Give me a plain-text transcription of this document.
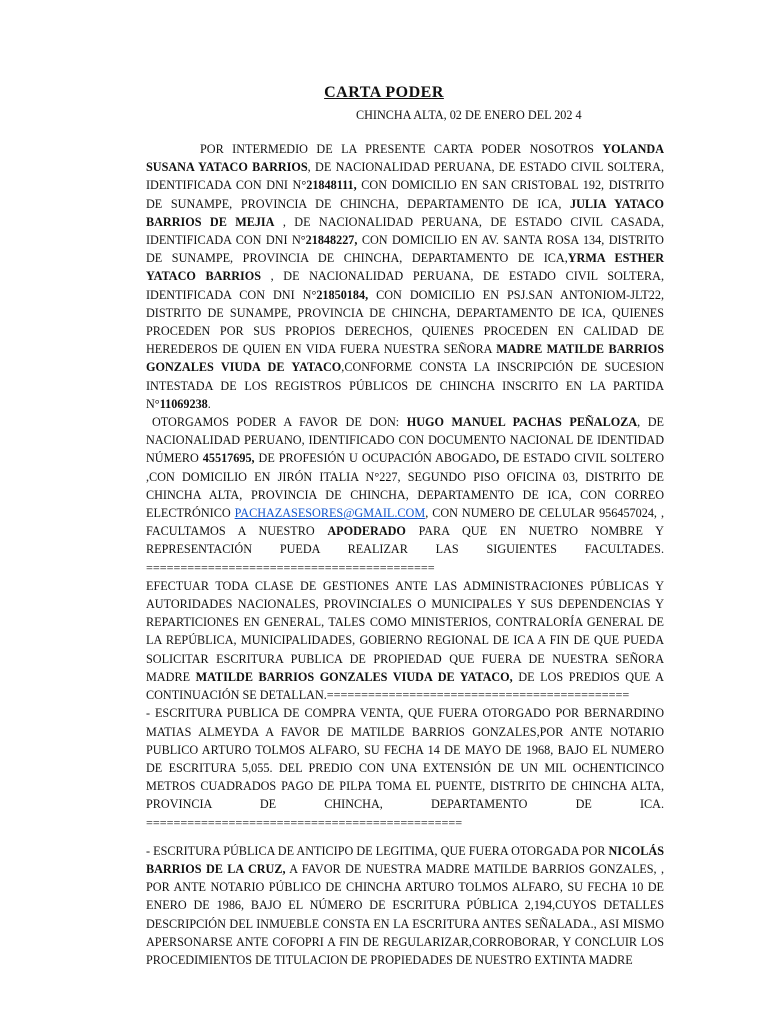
CARTA PODER
CHINCHA ALTA, 02 DE ENERO DEL 202 4

POR INTERMEDIO DE LA PRESENTE CARTA PODER NOSOTROS YOLANDA SUSANA YATACO BARRIOS, DE NACIONALIDAD PERUANA, DE ESTADO CIVIL SOLTERA, IDENTIFICADA CON DNI N°21848111, CON DOMICILIO EN SAN CRISTOBAL 192, DISTRITO DE SUNAMPE, PROVINCIA DE CHINCHA, DEPARTAMENTO DE ICA, JULIA YATACO BARRIOS DE MEJIA , DE NACIONALIDAD PERUANA, DE ESTADO CIVIL CASADA, IDENTIFICADA CON DNI N°21848227, CON DOMICILIO EN AV. SANTA ROSA 134, DISTRITO DE SUNAMPE, PROVINCIA DE CHINCHA, DEPARTAMENTO DE ICA,YRMA ESTHER YATACO BARRIOS , DE NACIONALIDAD PERUANA, DE ESTADO CIVIL SOLTERA, IDENTIFICADA CON DNI N°21850184, CON DOMICILIO EN PSJ.SAN ANTONIOM-JLT22, DISTRITO DE SUNAMPE, PROVINCIA DE CHINCHA, DEPARTAMENTO DE ICA, QUIENES PROCEDEN POR SUS PROPIOS DERECHOS, QUIENES PROCEDEN EN CALIDAD DE HEREDEROS DE QUIEN EN VIDA FUERA NUESTRA SEÑORA MADRE MATILDE BARRIOS GONZALES VIUDA DE YATACO,CONFORME CONSTA LA INSCRIPCIÓN DE SUCESION INTESTADA DE LOS REGISTROS PÚBLICOS DE CHINCHA INSCRITO EN LA PARTIDA N°11069238.

OTORGAMOS PODER A FAVOR DE DON: HUGO MANUEL PACHAS PEÑALOZA, DE NACIONALIDAD PERUANO, IDENTIFICADO CON DOCUMENTO NACIONAL DE IDENTIDAD NÚMERO 45517695, DE PROFESIÓN U OCUPACIÓN ABOGADO, DE ESTADO CIVIL SOLTERO ,CON DOMICILIO EN JIRÓN ITALIA N°227, SEGUNDO PISO OFICINA 03, DISTRITO DE CHINCHA ALTA, PROVINCIA DE CHINCHA, DEPARTAMENTO DE ICA, CON CORREO ELECTRÓNICO PACHAZASESORES@GMAIL.COM, CON NUMERO DE CELULAR 956457024, , FACULTAMOS A NUESTRO APODERADO PARA QUE EN NUETRO NOMBRE Y REPRESENTACIÓN PUEDA REALIZAR LAS SIGUIENTES FACULTADES. ==========================================

EFECTUAR TODA CLASE DE GESTIONES ANTE LAS ADMINISTRACIONES PÚBLICAS Y AUTORIDADES NACIONALES, PROVINCIALES O MUNICIPALES Y SUS DEPENDENCIAS Y REPARTICIONES EN GENERAL, TALES COMO MINISTERIOS, CONTRALORÍA GENERAL DE LA REPÚBLICA, MUNICIPALIDADES, GOBIERNO REGIONAL DE ICA A FIN DE QUE PUEDA SOLICITAR ESCRITURA PUBLICA DE PROPIEDAD QUE FUERA DE NUESTRA SEÑORA MADRE MATILDE BARRIOS GONZALES VIUDA DE YATACO, DE LOS PREDIOS QUE A CONTINUACIÓN SE DETALLAN.============================================

- ESCRITURA PUBLICA DE COMPRA VENTA, QUE FUERA OTORGADO POR BERNARDINO MATIAS ALMEYDA A FAVOR DE MATILDE BARRIOS GONZALES,POR ANTE NOTARIO PUBLICO ARTURO TOLMOS ALFARO, SU FECHA 14 DE MAYO DE 1968, BAJO EL NUMERO DE ESCRITURA 5,055. DEL PREDIO CON UNA EXTENSIÓN DE UN MIL OCHENTICINCO METROS CUADRADOS PAGO DE PILPA TOMA EL PUENTE, DISTRITO DE CHINCHA ALTA, PROVINCIA DE CHINCHA, DEPARTAMENTO DE ICA. ==============================================

- ESCRITURA PÚBLICA DE ANTICIPO DE LEGITIMA, QUE FUERA OTORGADA POR NICOLÁS BARRIOS DE LA CRUZ, A FAVOR DE NUESTRA MADRE MATILDE BARRIOS GONZALES, , POR ANTE NOTARIO PÚBLICO DE CHINCHA ARTURO TOLMOS ALFARO, SU FECHA 10 DE ENERO DE 1986, BAJO EL NÚMERO DE ESCRITURA PÚBLICA 2,194,CUYOS DETALLES DESCRIPCIÓN DEL INMUEBLE CONSTA EN LA ESCRITURA ANTES SEÑALADA., ASI MISMO APERSONARSE ANTE COFOPRI A FIN DE REGULARIZAR,CORROBORAR, Y CONCLUIR LOS PROCEDIMIENTOS DE TITULACION DE PROPIEDADES DE NUESTRO EXTINTA MADRE
